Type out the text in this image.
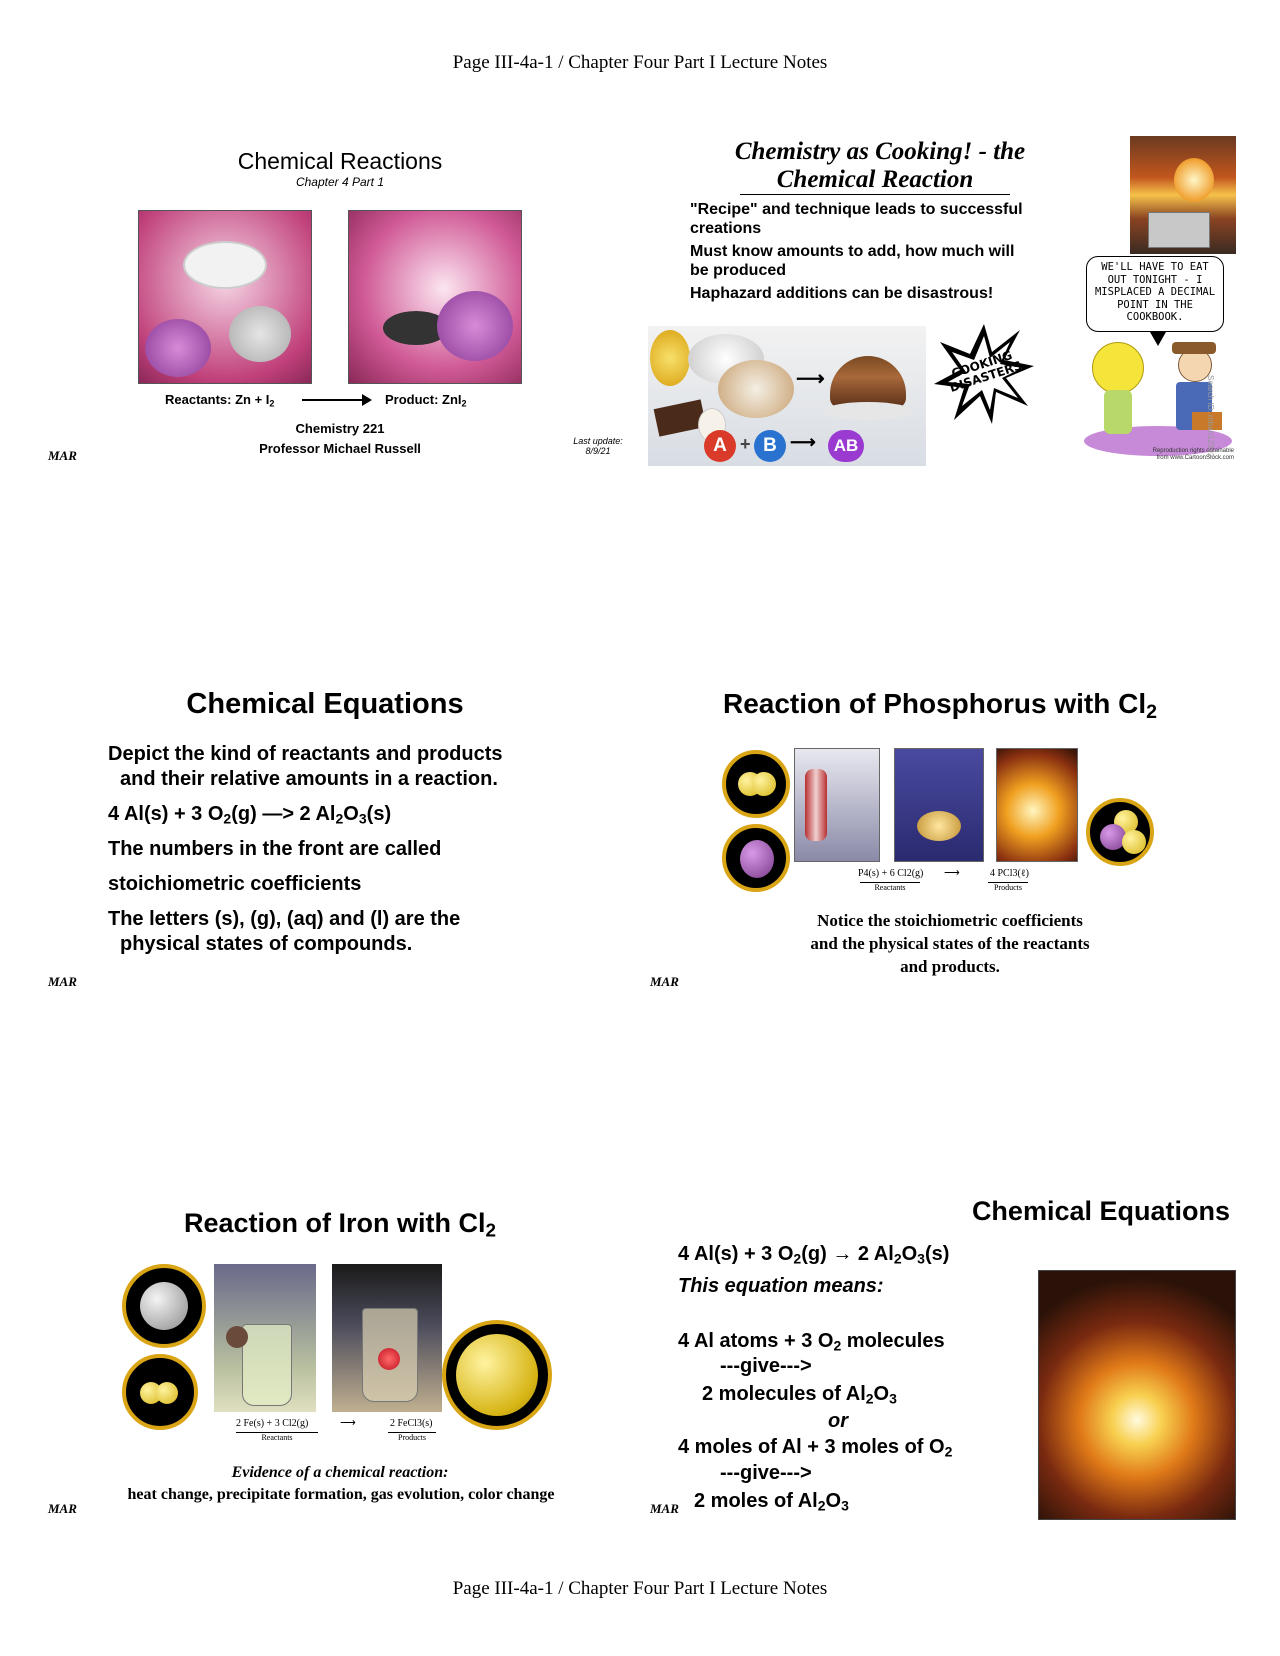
Page III-4a-1 / Chapter Four Part I Lecture Notes
Chemical Reactions
Chapter 4 Part 1
Reactants: $Zn + I_2$	Product: ZnI$_2$
Chemistry 221
Professor Michael Russell	Last update:
8/9/21
MAR
Chemistry as Cooking! - the
Chemical Reaction
"Recipe" and technique leads to successful creations
Must know amounts to add, how much will be produced
Haphazard additions can be disastrous!
WE'LL HAVE TO EAT OUT TONIGHT - I MISPLACED A DECIMAL POINT IN THE COOKBOOK.
Reproduction rights obtainable from www.CartoonStock.com
Search ID: mban12392
⟶
A + B ⟶	AB
COOKING DISASTERS
Chemical Equations
Depict the kind of reactants and products
and their relative amounts in a reaction.
4 Al(s) + 3 $O_2(g)$ —> 2 $Al_2O_3(s)$
The numbers in the front are called
stoichiometric coefficients
The letters (s), (g), (aq) and (l) are the
physical states of compounds.
MAR
Reaction of Phosphorus with $Cl_2$
P4(s) + 6 Cl2(g) ⟶	4 PCl3(ℓ)
Reactants	Products
Notice the stoichiometric coefficients
and the physical states of the reactants
and products.
MAR
Reaction of Iron with $Cl_2$
2 Fe(s) + 3 Cl2(g)	⟶	2 FeCl3(s)
Reactants	Products
Evidence of a chemical reaction:
heat change, precipitate formation, gas evolution, color change
MAR
Chemical Equations
4 Al(s) + 3 $O_2(g) \to 2$ $Al_2O_3(s)$
This equation means:
4 Al atoms + 3 $O_2$ molecules
---give--->
2 molecules of $Al_2O_3$
or
4 moles of Al + 3 moles of $O_2$
---give--->
2 moles of $Al_2O_3$
MAR
Page III-4a-1 / Chapter Four Part I Lecture Notes
